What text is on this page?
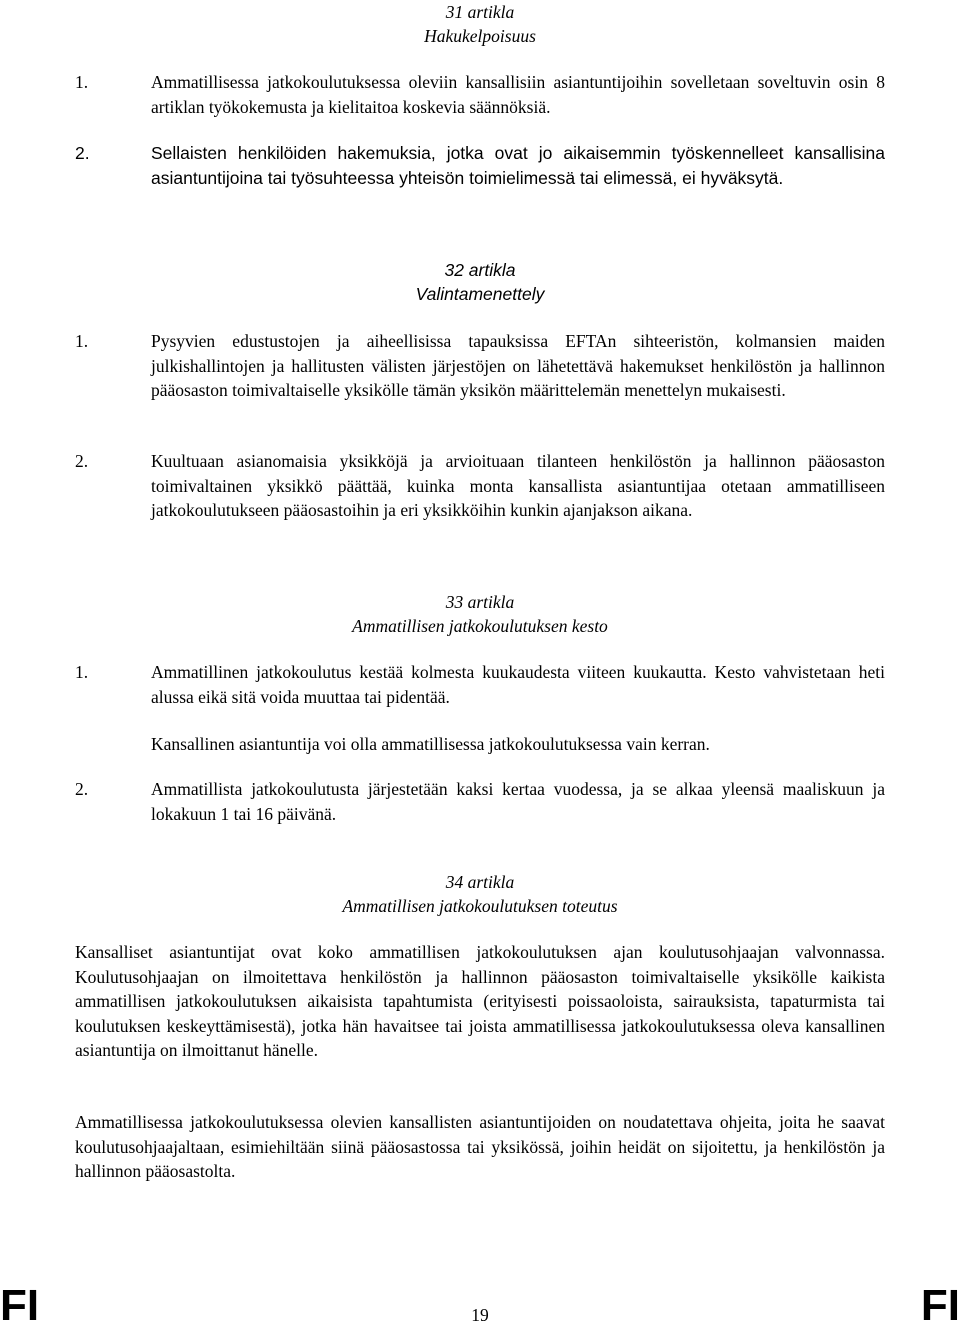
31 artikla
Hakukelpoisuus
1.	Ammatillisessa jatkokoulutuksessa oleviin kansallisiin asiantuntijoihin sovelletaan soveltuvin osin 8 artiklan työkokemusta ja kielitaitoa koskevia säännöksiä.
2.	Sellaisten henkilöiden hakemuksia, jotka ovat jo aikaisemmin työskennelleet kansallisina asiantuntijoina tai työsuhteessa yhteisön toimielimessä tai elimessä, ei hyväksytä.
32 artikla
Valintamenettely
1.	Pysyvien edustustojen ja aiheellisissa tapauksissa EFTAn sihteeristön, kolmansien maiden julkishallintojen ja hallitusten välisten järjestöjen on lähetettävä hakemukset henkilöstön ja hallinnon pääosaston toimivaltaiselle yksikölle tämän yksikön määrittelemän menettelyn mukaisesti.
2.	Kuultuaan asianomaisia yksikköjä ja arvioituaan tilanteen henkilöstön ja hallinnon pääosaston toimivaltainen yksikkö päättää, kuinka monta kansallista asiantuntijaa otetaan ammatilliseen jatkokoulutukseen pääosastoihin ja eri yksikköihin kunkin ajanjakson aikana.
33 artikla
Ammatillisen jatkokoulutuksen kesto
1.	Ammatillinen jatkokoulutus kestää kolmesta kuukaudesta viiteen kuukautta. Kesto vahvistetaan heti alussa eikä sitä voida muuttaa tai pidentää.
Kansallinen asiantuntija voi olla ammatillisessa jatkokoulutuksessa vain kerran.
2.	Ammatillista jatkokoulutusta järjestetään kaksi kertaa vuodessa, ja se alkaa yleensä maaliskuun ja lokakuun 1 tai 16 päivänä.
34 artikla
Ammatillisen jatkokoulutuksen toteutus
Kansalliset asiantuntijat ovat koko ammatillisen jatkokoulutuksen ajan koulutusohjaajan valvonnassa. Koulutusohjaajan on ilmoitettava henkilöstön ja hallinnon pääosaston toimivaltaiselle yksikölle kaikista ammatillisen jatkokoulutuksen aikaisista tapahtumista (erityisesti poissaoloista, sairauksista, tapaturmista tai koulutuksen keskeyttämisestä), jotka hän havaitsee tai joista ammatillisessa jatkokoulutuksessa oleva kansallinen asiantuntija on ilmoittanut hänelle.
Ammatillisessa jatkokoulutuksessa olevien kansallisten asiantuntijoiden on noudatettava ohjeita, joita he saavat koulutusohjaajaltaan, esimiehiltään siinä pääosastossa tai yksikössä, joihin heidät on sijoitettu, ja henkilöstön ja hallinnon pääosastolta.
FI	19	FI
